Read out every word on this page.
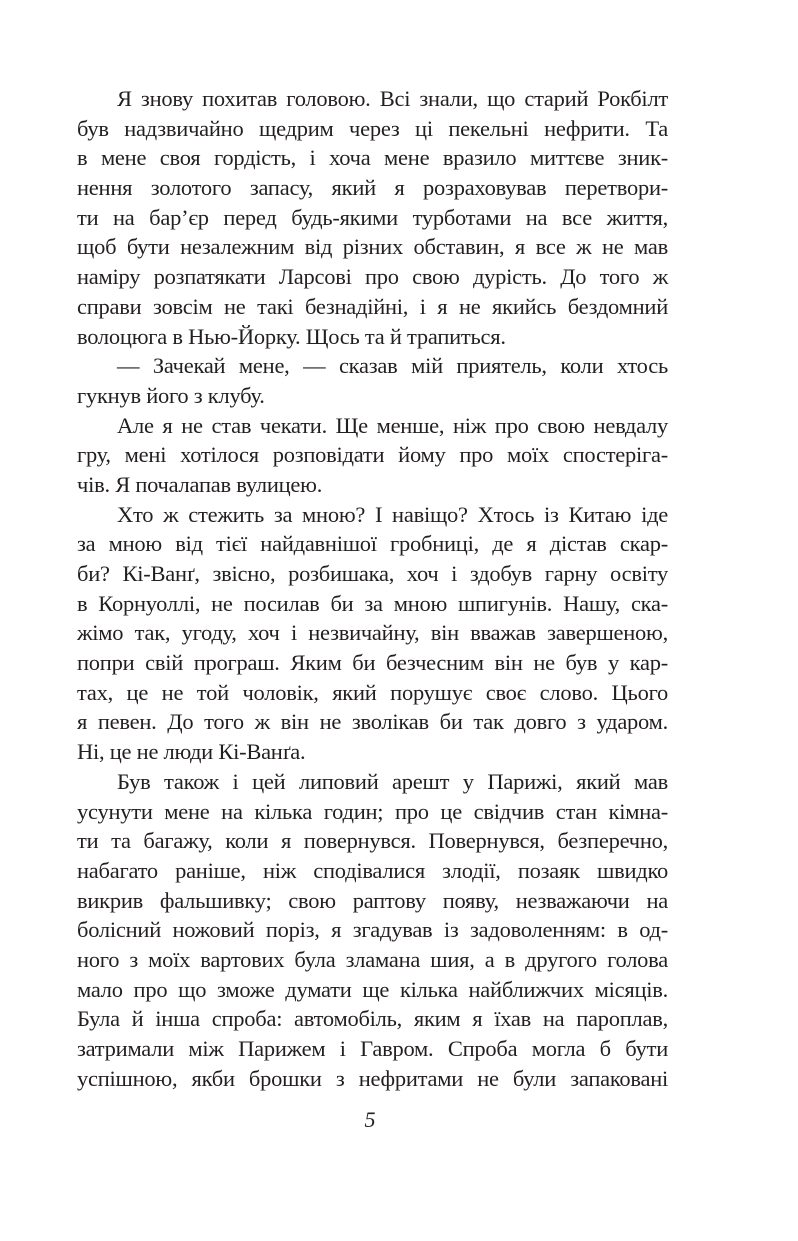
Я знову похитав головою. Всі знали, що старий Рокбілт
був надзвичайно щедрим через ці пекельні нефрити. Та
в мене своя гордість, і хоча мене вразило миттєве зник-
нення золотого запасу, який я розраховував перетвори-
ти на бар’єр перед будь-якими турботами на все життя,
щоб бути незалежним від різних обставин, я все ж не мав
наміру розпатякати Ларсові про свою дурість. До того ж
справи зовсім не такі безнадійні, і я не якийсь бездомний
волоцюга в Нью-Йорку. Щось та й трапиться.
— Зачекай мене, — сказав мій приятель, коли хтось
гукнув його з клубу.
Але я не став чекати. Ще менше, ніж про свою невдалу
гру, мені хотілося розповідати йому про моїх спостеріга-
чів. Я почалапав вулицею.
Хто ж стежить за мною? І навіщо? Хтось із Китаю іде
за мною від тієї найдавнішої гробниці, де я дістав скар-
би? Кі-Ванґ, звісно, розбишака, хоч і здобув гарну освіту
в Корнуоллі, не посилав би за мною шпигунів. Нашу, ска-
жімо так, угоду, хоч і незвичайну, він вважав завершеною,
попри свій програш. Яким би безчесним він не був у кар-
тах, це не той чоловік, який порушує своє слово. Цього
я певен. До того ж він не зволікав би так довго з ударом.
Ні, це не люди Кі-Ванґа.
Був також і цей липовий арешт у Парижі, який мав
усунути мене на кілька годин; про це свідчив стан кімна-
ти та багажу, коли я повернувся. Повернувся, безперечно,
набагато раніше, ніж сподівалися злодії, позаяк швидко
викрив фальшивку; свою раптову появу, незважаючи на
болісний ножовий поріз, я згадував із задоволенням: в од-
ного з моїх вартових була зламана шия, а в другого голова
мало про що зможе думати ще кілька найближчих місяців.
Була й інша спроба: автомобіль, яким я їхав на пароплав,
затримали між Парижем і Гавром. Спроба могла б бути
успішною, якби брошки з нефритами не були запаковані
5
